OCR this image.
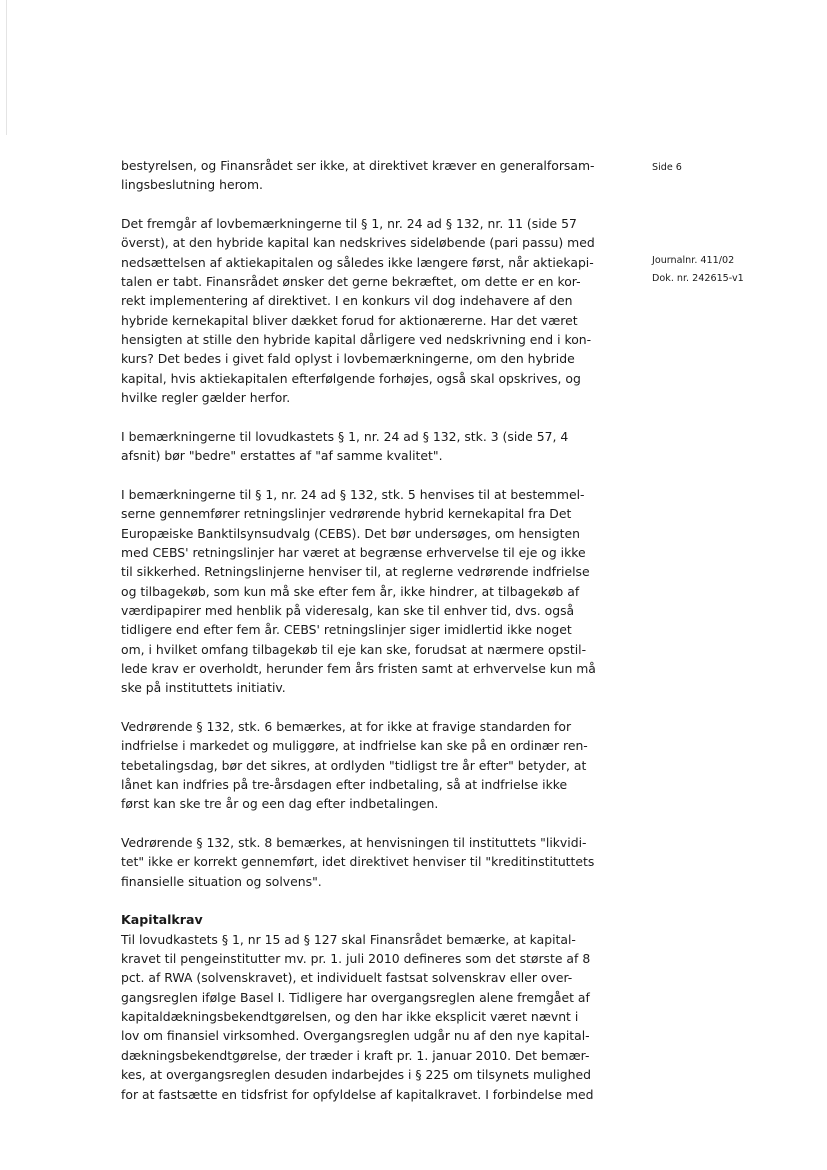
Side 6
Journalnr. 411/02
Dok. nr. 242615-v1

bestyrelsen, og Finansrådet ser ikke, at direktivet kræver en generalforsam-
lingsbeslutning herom.

Det fremgår af lovbemærkningerne til § 1, nr. 24 ad § 132, nr. 11 (side 57
överst), at den hybride kapital kan nedskrives sideløbende (pari passu) med
nedsættelsen af aktiekapitalen og således ikke længere først, når aktiekapi-
talen er tabt. Finansrådet ønsker det gerne bekræftet, om dette er en kor-
rekt implementering af direktivet. I en konkurs vil dog indehavere af den
hybride kernekapital bliver dækket forud for aktionærerne. Har det været
hensigten at stille den hybride kapital dårligere ved nedskrivning end i kon-
kurs? Det bedes i givet fald oplyst i lovbemærkningerne, om den hybride
kapital, hvis aktiekapitalen efterfølgende forhøjes, også skal opskrives, og
hvilke regler gælder herfor.

I bemærkningerne til lovudkastets § 1, nr. 24 ad § 132, stk. 3 (side 57, 4
afsnit) bør "bedre" erstattes af "af samme kvalitet".

I bemærkningerne til § 1, nr. 24 ad § 132, stk. 5 henvises til at bestemmel-
serne gennemfører retningslinjer vedrørende hybrid kernekapital fra Det
Europæiske Banktilsynsudvalg (CEBS). Det bør undersøges, om hensigten
med CEBS' retningslinjer har været at begrænse erhvervelse til eje og ikke
til sikkerhed. Retningslinjerne henviser til, at reglerne vedrørende indfrielse
og tilbagekøb, som kun må ske efter fem år, ikke hindrer, at tilbagekøb af
værdipapirer med henblik på videresalg, kan ske til enhver tid, dvs. også
tidligere end efter fem år. CEBS' retningslinjer siger imidlertid ikke noget
om, i hvilket omfang tilbagekøb til eje kan ske, forudsat at nærmere opstil-
lede krav er overholdt, herunder fem års fristen samt at erhvervelse kun må
ske på instituttets initiativ.

Vedrørende § 132, stk. 6 bemærkes, at for ikke at fravige standarden for
indfrielse i markedet og muliggøre, at indfrielse kan ske på en ordinær ren-
tebetalingsdag, bør det sikres, at ordlyden "tidligst tre år efter" betyder, at
lånet kan indfries på tre-årsdagen efter indbetaling, så at indfrielse ikke
først kan ske tre år og een dag efter indbetalingen.

Vedrørende § 132, stk. 8 bemærkes, at henvisningen til instituttets "likvidi-
tet" ikke er korrekt gennemført, idet direktivet henviser til "kreditinstituttets
finansielle situation og solvens".

Kapitalkrav

Til lovudkastets § 1, nr 15 ad § 127 skal Finansrådet bemærke, at kapital-
kravet til pengeinstitutter mv. pr. 1. juli 2010 defineres som det største af 8
pct. af RWA (solvenskravet), et individuelt fastsat solvenskrav eller over-
gangsreglen ifølge Basel I. Tidligere har overgangsreglen alene fremgået af
kapitaldækningsbekendtgørelsen, og den har ikke eksplicit været nævnt i
lov om finansiel virksomhed. Overgangsreglen udgår nu af den nye kapital-
dækningsbekendtgørelse, der træder i kraft pr. 1. januar 2010. Det bemær-
kes, at overgangsreglen desuden indarbejdes i § 225 om tilsynets mulighed
for at fastsætte en tidsfrist for opfyldelse af kapitalkravet. I forbindelse med
